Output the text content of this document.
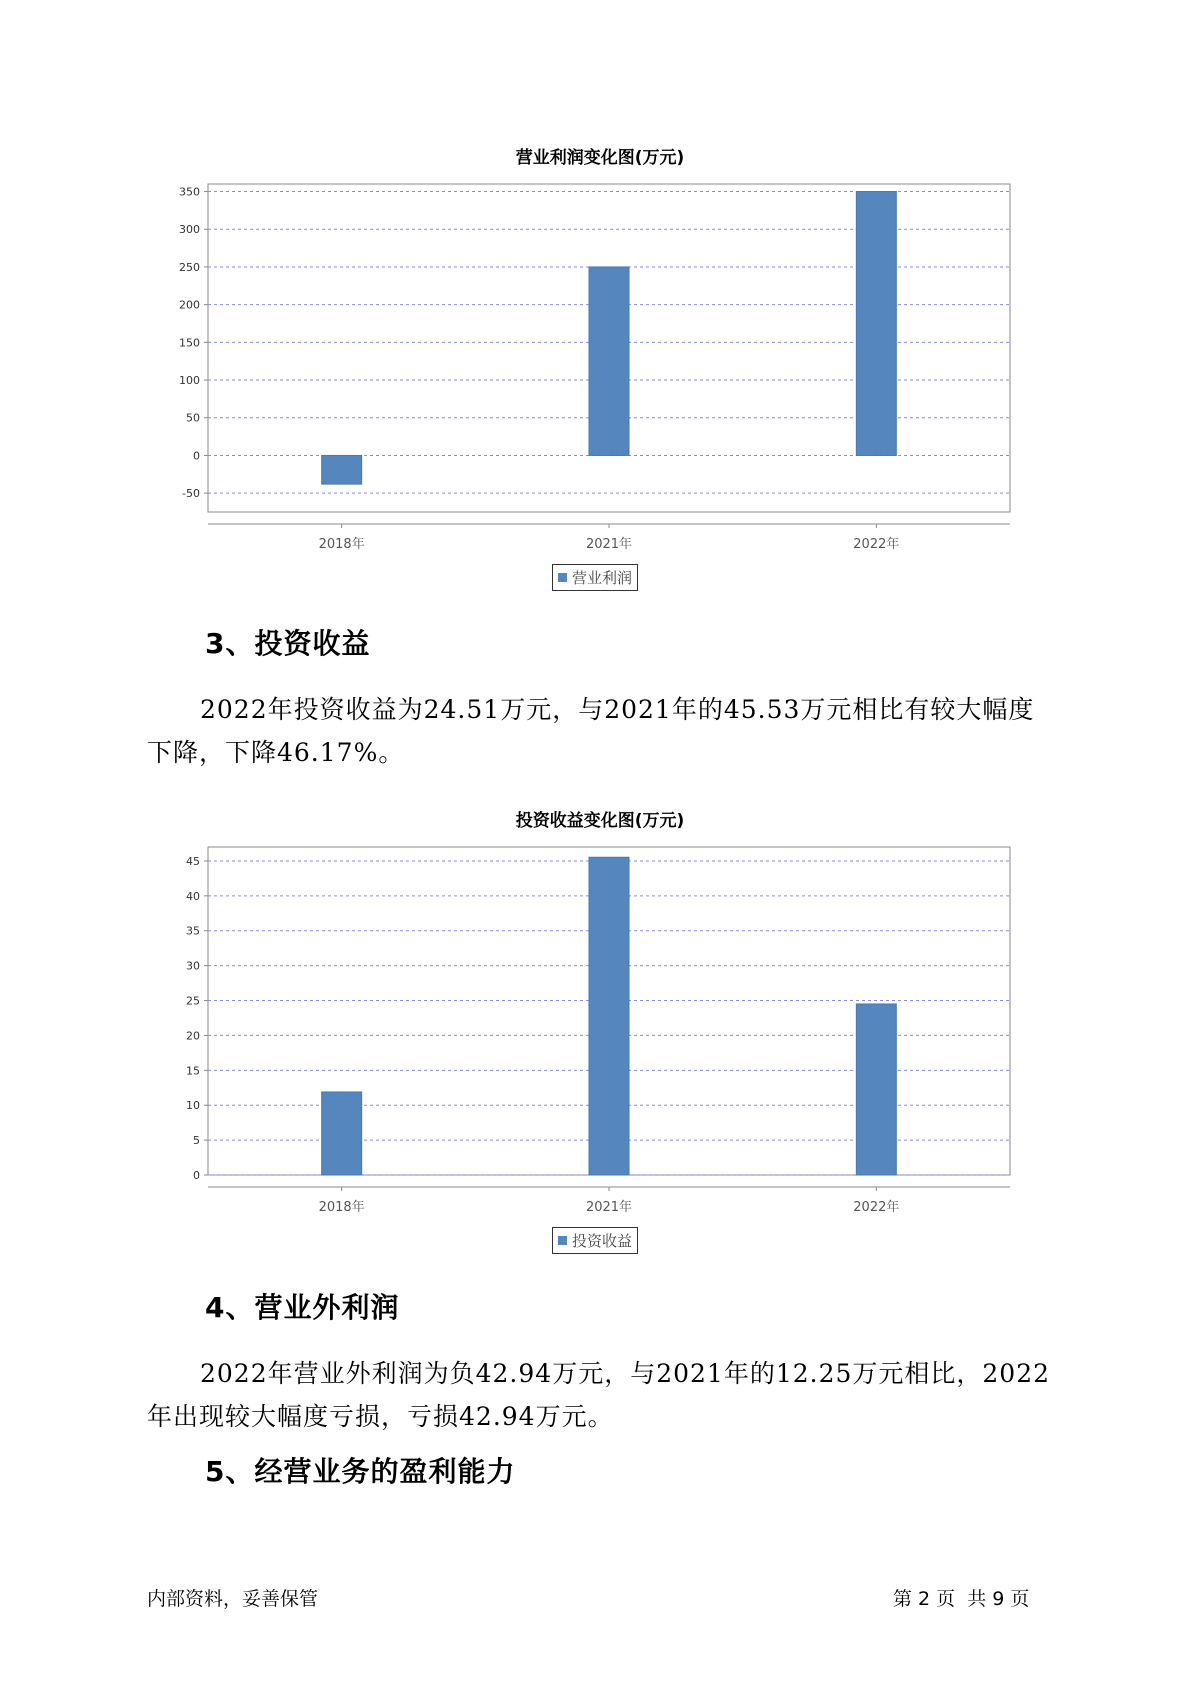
营业利润变化图(万元)
-50
0
50
100
150
200
250
300
350
2018年	2021年	2022年
营业利润
3、投资收益
2022年投资收益为24.51万元，与2021年的45.53万元相比有较大幅度下降，下降46.17%。
投资收益变化图(万元)
0
5
10
15
20
25
30
35
40
45
2018年	2021年	2022年
投资收益
4、营业外利润
2022年营业外利润为负42.94万元，与2021年的12.25万元相比，2022年出现较大幅度亏损，亏损42.94万元。
5、经营业务的盈利能力
内部资料，妥善保管	第 2 页  共 9 页
